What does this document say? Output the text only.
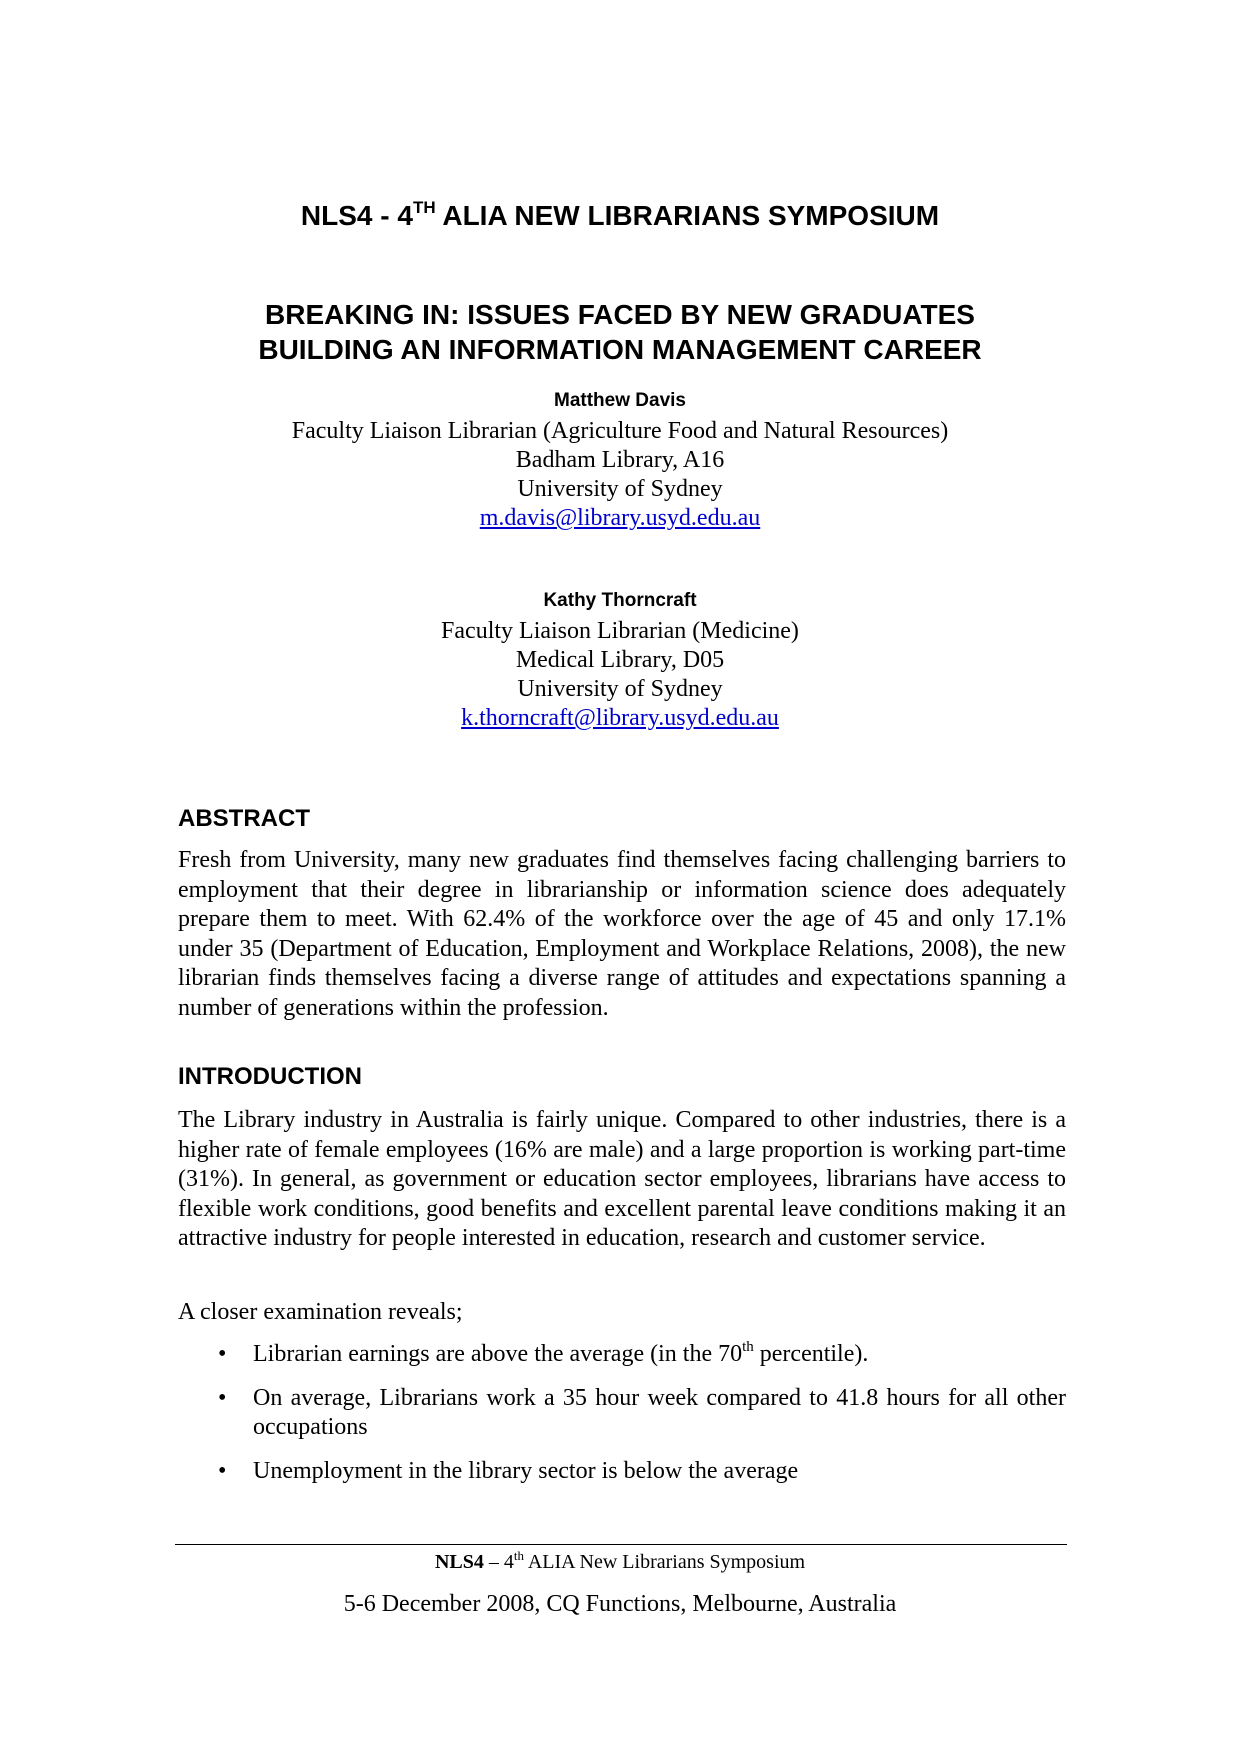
NLS4 - 4TH ALIA NEW LIBRARIANS SYMPOSIUM
BREAKING IN: ISSUES FACED BY NEW GRADUATES
BUILDING AN INFORMATION MANAGEMENT CAREER
Matthew Davis
Faculty Liaison Librarian (Agriculture Food and Natural Resources)
Badham Library, A16
University of Sydney
m.davis@library.usyd.edu.au
Kathy Thorncraft
Faculty Liaison Librarian (Medicine)
Medical Library, D05
University of Sydney
k.thorncraft@library.usyd.edu.au
ABSTRACT
Fresh from University, many new graduates find themselves facing challenging barriers to employment that their degree in librarianship or information science does adequately prepare them to meet. With 62.4% of the workforce over the age of 45 and only 17.1% under 35 (Department of Education, Employment and Workplace Relations, 2008), the new librarian finds themselves facing a diverse range of attitudes and expectations spanning a number of generations within the profession.
INTRODUCTION
The Library industry in Australia is fairly unique. Compared to other industries, there is a higher rate of female employees (16% are male) and a large proportion is working part-time (31%). In general, as government or education sector employees, librarians have access to flexible work conditions, good benefits and excellent parental leave conditions making it an attractive industry for people interested in education, research and customer service.
A closer examination reveals;
• Librarian earnings are above the average (in the 70th percentile).
• On average, Librarians work a 35 hour week compared to 41.8 hours for all other occupations
• Unemployment in the library sector is below the average
NLS4 – 4th ALIA New Librarians Symposium
5-6 December 2008, CQ Functions, Melbourne, Australia
